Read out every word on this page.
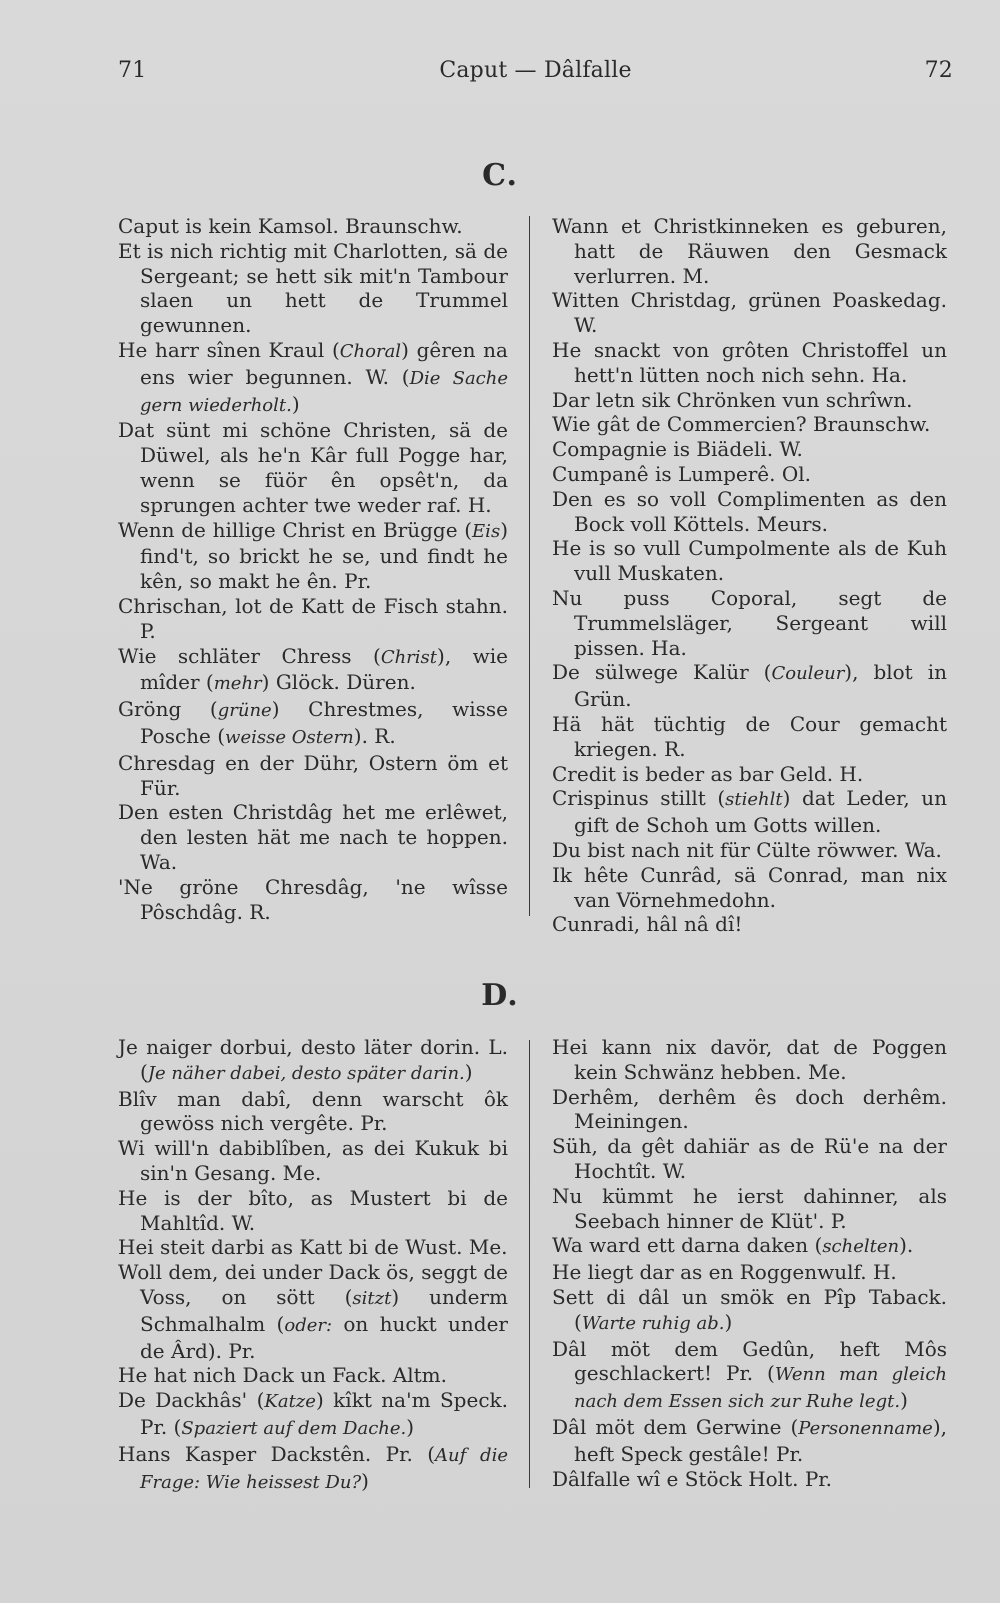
71	Caput — Dâlfalle	72
C.

Caput is kein Kamsol. Braunschw.

Et is nich richtig mit Charlotten, sä de Sergeant; se hett sik mit'n Tambour slaen un hett de Trummel gewunnen.

He harr sînen Kraul (Choral) gêren na ens wier begunnen. W. (Die Sache gern wiederholt.)

Dat sünt mi schöne Christen, sä de Düwel, als he'n Kâr full Pogge har, wenn se füör ên opsêt'n, da sprungen achter twe weder raf. H.

Wenn de hillige Christ en Brügge (Eis) find't, so brickt he se, und findt he kên, so makt he ên. Pr.

Chrischan, lot de Katt de Fisch stahn. P.

Wie schläter Chress (Christ), wie mîder (mehr) Glöck. Düren.

Gröng (grüne) Chrestmes, wisse Posche (weisse Ostern). R.

Chresdag en der Dühr, Ostern öm et Für.

Den esten Christdâg het me erlêwet, den lesten hät me nach te hoppen. Wa.

'Ne gröne Chresdâg, 'ne wîsse Pôschdâg. R.

Wann et Christkinneken es geburen, hatt de Räuwen den Gesmack verlurren. M.

Witten Christdag, grünen Poaskedag. W.

He snackt von grôten Christoffel un hett'n lütten noch nich sehn. Ha.

Dar letn sik Chrönken vun schrîwn.

Wie gât de Commercien? Braunschw.

Compagnie is Biädeli. W.

Cumpanê is Lumperê. Ol.

Den es so voll Complimenten as den Bock voll Köttels. Meurs.

He is so vull Cumpolmente als de Kuh vull Muskaten.

Nu puss Coporal, segt de Trummelsläger, Sergeant will pissen. Ha.

De sülwege Kalür (Couleur), blot in Grün.

Hä hät tüchtig de Cour gemacht kriegen. R.

Credit is beder as bar Geld. H.

Crispinus stillt (stiehlt) dat Leder, un gift de Schoh um Gotts willen.

Du bist nach nit für Cülte röwwer. Wa.

Ik hête Cunrâd, sä Conrad, man nix van Vörnehmedohn.

Cunradi, hâl nâ dî!

D.

Je naiger dorbui, desto läter dorin. L. (Je näher dabei, desto später darin.)

Blîv man dabî, denn warscht ôk gewöss nich vergête. Pr.

Wi will'n dabiblîben, as dei Kukuk bi sin'n Gesang. Me.

He is der bîto, as Mustert bi de Mahltîd. W.

Hei steit darbi as Katt bi de Wust. Me.

Woll dem, dei under Dack ös, seggt de Voss, on sött (sitzt) underm Schmalhalm (oder: on huckt under de Ârd). Pr.

He hat nich Dack un Fack. Altm.

De Dackhâs' (Katze) kîkt na'm Speck. Pr. (Spaziert auf dem Dache.)

Hans Kasper Dackstên. Pr. (Auf die Frage: Wie heissest Du?)

Hei kann nix davör, dat de Poggen kein Schwänz hebben. Me.

Derhêm, derhêm ês doch derhêm. Meiningen.

Süh, da gêt dahiär as de Rü'e na der Hochtît. W.

Nu kümmt he ierst dahinner, als Seebach hinner de Klüt'. P.

Wa ward ett darna daken (schelten).

He liegt dar as en Roggenwulf. H.

Sett di dâl un smök en Pîp Taback. (Warte ruhig ab.)

Dâl möt dem Gedûn, heft Môs geschlackert! Pr. (Wenn man gleich nach dem Essen sich zur Ruhe legt.)

Dâl möt dem Gerwine (Personenname), heft Speck gestâle! Pr.

Dâlfalle wî e Stöck Holt. Pr.
